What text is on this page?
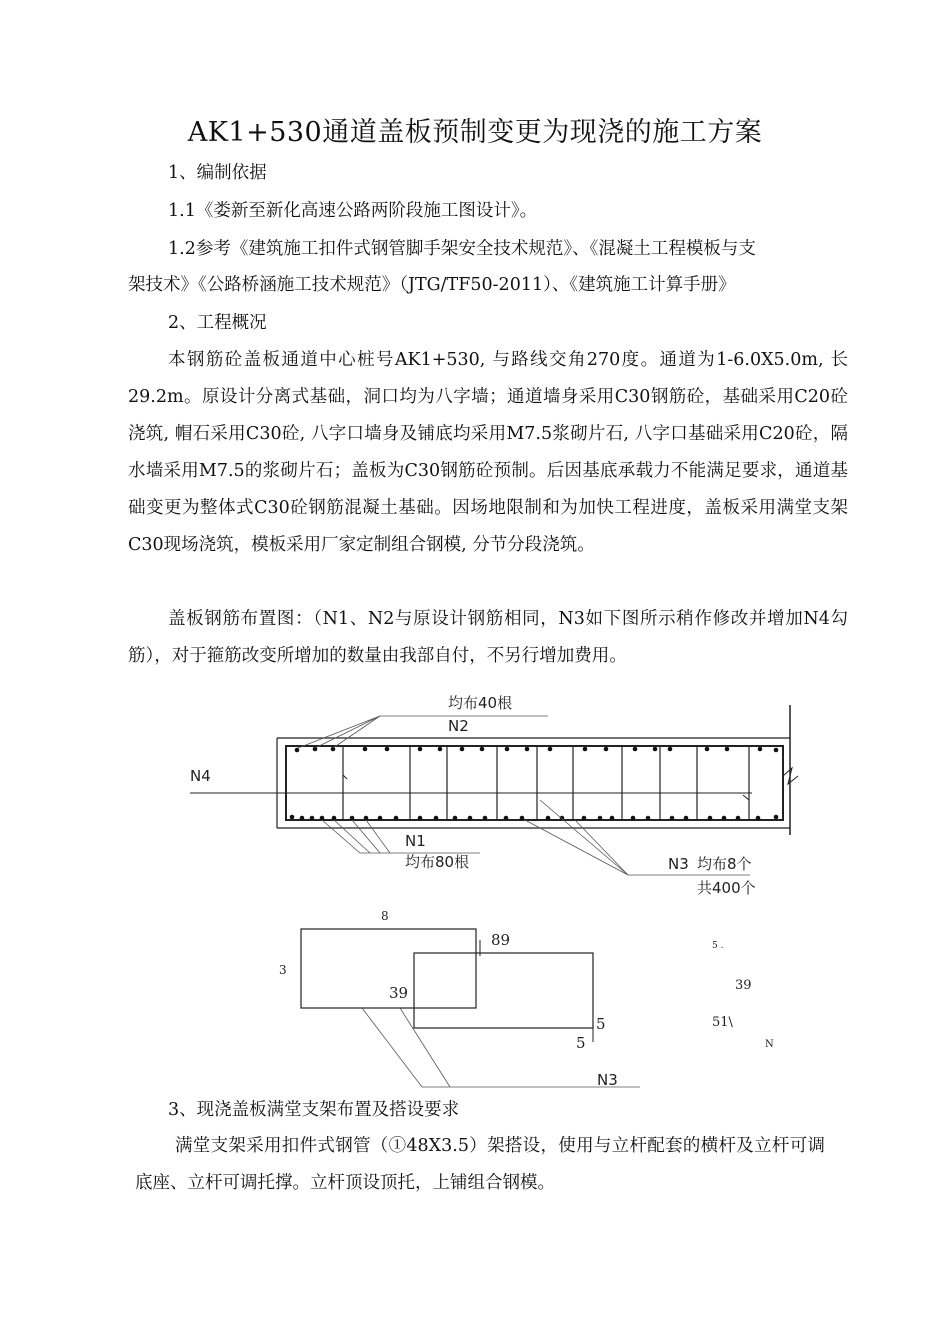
AK1+530通道盖板预制变更为现浇的施工方案
1、编制依据
1.1《娄新至新化高速公路两阶段施工图设计》。
1.2参考《建筑施工扣件式钢管脚手架安全技术规范》、《混凝土工程模板与支
架技术》《公路桥涵施工技术规范》（JTG/TF50-2011）、《建筑施工计算手册》
2、工程概况
本钢筋砼盖板通道中心桩号AK1+530, 与路线交角270度。通道为1-6.0X5.0m, 长29.2m。原设计分离式基础，洞口均为八字墙；通道墙身采用C30钢筋砼，基础采用C20砼浇筑, 帽石采用C30砼, 八字口墙身及铺底均采用M7.5浆砌片石, 八字口基础采用C20砼，隔水墙采用M7.5的浆砌片石；盖板为C30钢筋砼预制。后因基底承载力不能满足要求，通道基础变更为整体式C30砼钢筋混凝土基础。因场地限制和为加快工程进度，盖板采用满堂支架C30现场浇筑，模板采用厂家定制组合钢模, 分节分段浇筑。
盖板钢筋布置图：（N1、N2与原设计钢筋相同，N3如下图所示稍作修改并增加N4勾筋），对于箍筋改变所增加的数量由我部自付，不另行增加费用。
均布40根
N2
N4
N1
均布80根	N3 均布8个
共400个
8
3
89
39
5
5
N3
5 .
39
51\
N
3、现浇盖板满堂支架布置及搭设要求
满堂支架采用扣件式钢管（①48X3.5）架搭设，使用与立杆配套的横杆及立杆可调底座、立杆可调托撑。立杆顶设顶托，上铺组合钢模。
